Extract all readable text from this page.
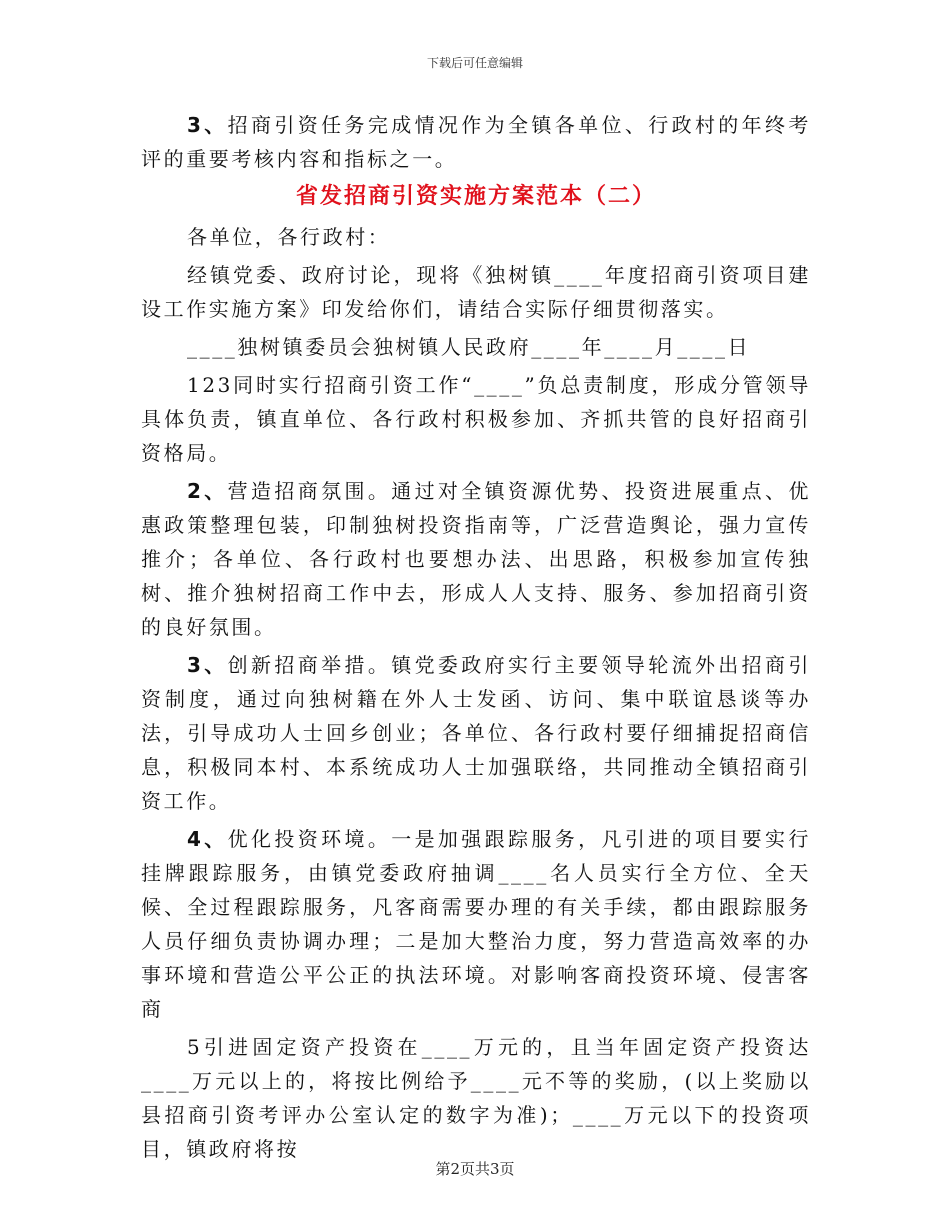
下载后可任意编辑

3、招商引资任务完成情况作为全镇各单位、行政村的年终考评的重要考核内容和指标之一。

省发招商引资实施方案范本（二）

各单位，各行政村：

经镇党委、政府讨论，现将《独树镇____年度招商引资项目建设工作实施方案》印发给你们，请结合实际仔细贯彻落实。

____独树镇委员会独树镇人民政府____年____月____日

123同时实行招商引资工作“____”负总责制度，形成分管领导具体负责，镇直单位、各行政村积极参加、齐抓共管的良好招商引资格局。

2、营造招商氛围。通过对全镇资源优势、投资进展重点、优惠政策整理包装，印制独树投资指南等，广泛营造舆论，强力宣传推介；各单位、各行政村也要想办法、出思路，积极参加宣传独树、推介独树招商工作中去，形成人人支持、服务、参加招商引资的良好氛围。

3、创新招商举措。镇党委政府实行主要领导轮流外出招商引资制度，通过向独树籍在外人士发函、访问、集中联谊恳谈等办法，引导成功人士回乡创业；各单位、各行政村要仔细捕捉招商信息，积极同本村、本系统成功人士加强联络，共同推动全镇招商引资工作。

4、优化投资环境。一是加强跟踪服务，凡引进的项目要实行挂牌跟踪服务，由镇党委政府抽调____名人员实行全方位、全天候、全过程跟踪服务，凡客商需要办理的有关手续，都由跟踪服务人员仔细负责协调办理；二是加大整治力度，努力营造高效率的办事环境和营造公平公正的执法环境。对影响客商投资环境、侵害客商

5引进固定资产投资在____万元的，且当年固定资产投资达____万元以上的，将按比例给予____元不等的奖励，(以上奖励以县招商引资考评办公室认定的数字为准)；____万元以下的投资项目，镇政府将按

第2页共3页
